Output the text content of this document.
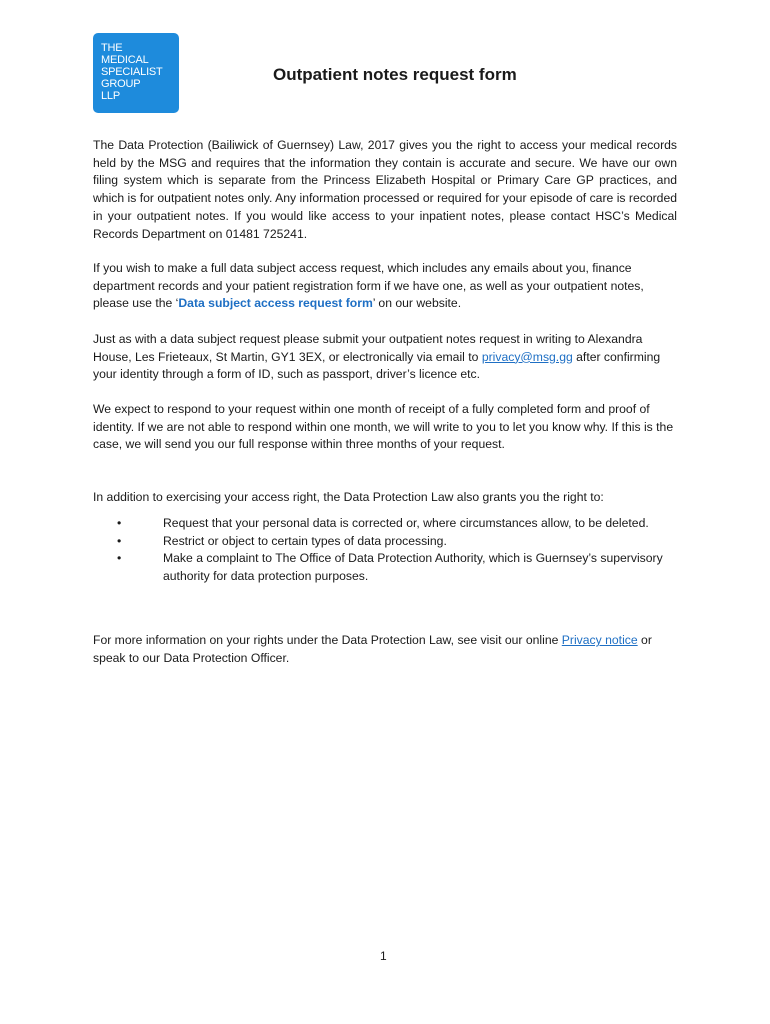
THE
MEDICAL
SPECIALIST
GROUP
LLP
Outpatient notes request form

The Data Protection (Bailiwick of Guernsey) Law, 2017 gives you the right to access your medical records held by the MSG and requires that the information they contain is accurate and secure. We have our own filing system which is separate from the Princess Elizabeth Hospital or Primary Care GP practices, and which is for outpatient notes only. Any information processed or required for your episode of care is recorded in your outpatient notes. If you would like access to your inpatient notes, please contact HSC’s Medical Records Department on 01481 725241.

If you wish to make a full data subject access request, which includes any emails about you, finance department records and your patient registration form if we have one, as well as your outpatient notes, please use the ‘Data subject access request form’ on our website.

Just as with a data subject request please submit your outpatient notes request in writing to Alexandra House, Les Frieteaux, St Martin, GY1 3EX, or electronically via email to privacy@msg.gg after confirming your identity through a form of ID, such as passport, driver’s licence etc.

We expect to respond to your request within one month of receipt of a fully completed form and proof of identity. If we are not able to respond within one month, we will write to you to let you know why. If this is the case, we will send you our full response within three months of your request.

In addition to exercising your access right, the Data Protection Law also grants you the right to:

•	Request that your personal data is corrected or, where circumstances allow, to be deleted.
•	Restrict or object to certain types of data processing.
•	Make a complaint to The Office of Data Protection Authority, which is Guernsey’s supervisory authority for data protection purposes.

For more information on your rights under the Data Protection Law, see visit our online Privacy notice or speak to our Data Protection Officer.

1
